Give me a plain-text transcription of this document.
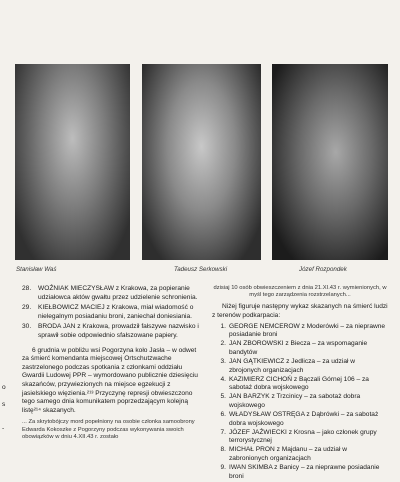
Stanisław Waś	Tadeusz Serkowski	Józef Rozpondek
o
s
-
28.	WOŹNIAK MIECZYSŁAW z Krakowa, za popieranie udziałowca aktów gwałtu przez udzielenie schronienia.
29.	KIEŁBOWICZ MACIEJ z Krakowa, miał wiadomość o nielegalnym posiadaniu broni, zaniechał doniesiania.
30.	BRODA JAN z Krakowa, prowadził fałszywe nazwisko i sprawił sobie odpowiednio sfałszowane papiery.
6 grudnia w pobliżu wsi Pogorzyna koło Jasła – w odwet za śmierć komendanta miejscowej Ortschutzwache zastrzelonego podczas spotkania z członkami oddziału Gwardii Ludowej PPR – wymordowano publicznie dziesięciu skazańców, przywiezionych na miejsce egzekucji z jasielskiego więzienia.²¹³ Przyczynę represji obwieszczono tego samego dnia komunikatem poprzedzającym kolejną listę²¹⁴ skazanych.
... Za skrytobójczy mord popełniony na osobie członka samoobrony Edwarda Kokoszke z Pogorzyny podczas wykonywania swoich obowiązków w dniu 4.XII.43 r. zostało
dzisiaj 10 osób obwieszczeniem z dnia 21.XI.43 r. wymienionych, w myśl tego zarządzenia rozstrzelanych...
Niżej figuruje następny wykaz skazanych na śmierć ludzi z terenów podkarpacia:
1. GEORGE NEMCEROW z Moderówki – za nieprawne posiadanie broni
2. JAN ZBOROWSKI z Biecza – za wspomaganie bandytów
3. JAN GĄTKIEWICZ z Jedlicza – za udział w zbrojonych organizacjach
4. KAZIMIERZ CICHOŃ z Bączali Górnej 106 – za sabotaż dobra wojskowego
5. JAN BARZYK z Trzcinicy – za sabotaż dobra wojskowego
6. WŁADYSŁAW OSTRĘGA z Dąbrówki – za sabotaż dobra wojskowego
7. JÓZEF JAŹWIECKI z Krosna – jako członek grupy terrorystycznej
8. MICHAŁ PRON z Majdanu – za udział w zabronionych organizacjach
9. IWAN SKIMBA z Banicy – za nieprawne posiadanie broni
